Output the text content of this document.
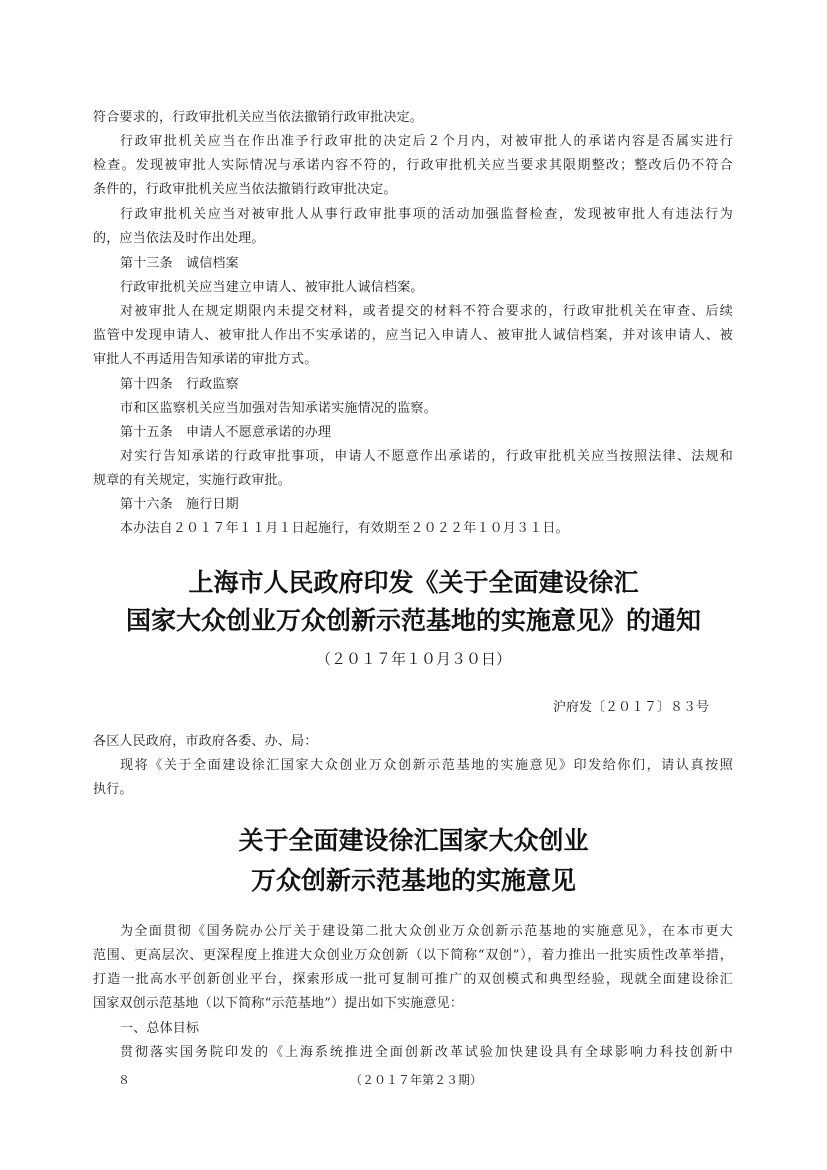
符合要求的，行政审批机关应当依法撤销行政审批决定。
行政审批机关应当在作出准予行政审批的决定后２个月内，对被审批人的承诺内容是否属实进行
检查。发现被审批人实际情况与承诺内容不符的，行政审批机关应当要求其限期整改；整改后仍不符合
条件的，行政审批机关应当依法撤销行政审批决定。
行政审批机关应当对被审批人从事行政审批事项的活动加强监督检查，发现被审批人有违法行为
的，应当依法及时作出处理。
第十三条　诚信档案
行政审批机关应当建立申请人、被审批人诚信档案。
对被审批人在规定期限内未提交材料，或者提交的材料不符合要求的，行政审批机关在审查、后续
监管中发现申请人、被审批人作出不实承诺的，应当记入申请人、被审批人诚信档案，并对该申请人、被
审批人不再适用告知承诺的审批方式。
第十四条　行政监察
市和区监察机关应当加强对告知承诺实施情况的监察。
第十五条　申请人不愿意承诺的办理
对实行告知承诺的行政审批事项，申请人不愿意作出承诺的，行政审批机关应当按照法律、法规和
规章的有关规定，实施行政审批。
第十六条　施行日期
本办法自２０１７年１１月１日起施行，有效期至２０２２年１０月３１日。
上海市人民政府印发《关于全面建设徐汇
国家大众创业万众创新示范基地的实施意见》的通知
（２０１７年１０月３０日）
沪府发〔２０１７〕８３号
各区人民政府，市政府各委、办、局：
现将《关于全面建设徐汇国家大众创业万众创新示范基地的实施意见》印发给你们，请认真按照
执行。
关于全面建设徐汇国家大众创业
万众创新示范基地的实施意见
为全面贯彻《国务院办公厅关于建设第二批大众创业万众创新示范基地的实施意见》，在本市更大
范围、更高层次、更深程度上推进大众创业万众创新（以下简称“双创”），着力推出一批实质性改革举措，
打造一批高水平创新创业平台，探索形成一批可复制可推广的双创模式和典型经验，现就全面建设徐汇
国家双创示范基地（以下简称“示范基地”）提出如下实施意见：
一、总体目标
贯彻落实国务院印发的《上海系统推进全面创新改革试验加快建设具有全球影响力科技创新中
８	（２０１７年第２３期）
